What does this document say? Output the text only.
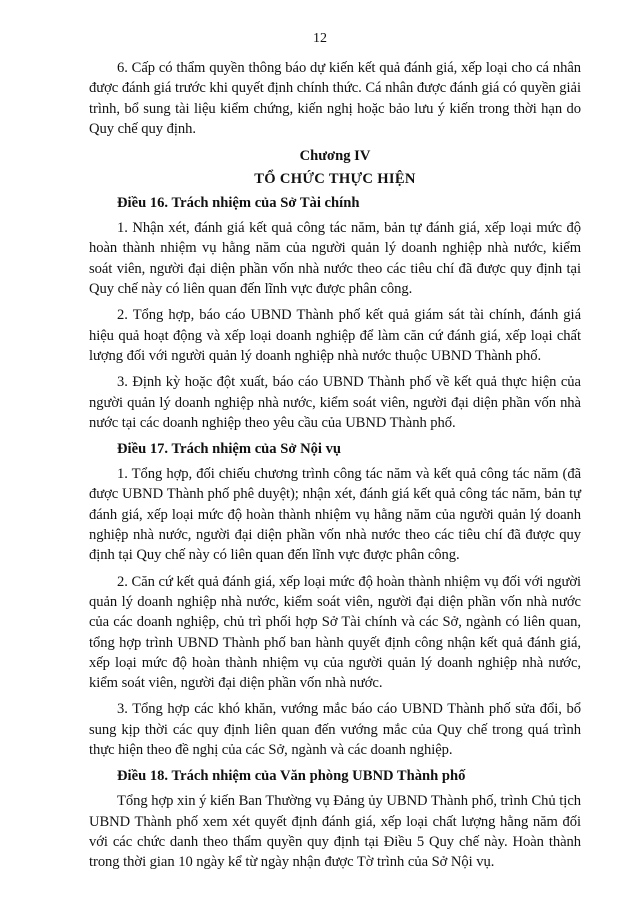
12

6. Cấp có thẩm quyền thông báo dự kiến kết quả đánh giá, xếp loại cho cá nhân được đánh giá trước khi quyết định chính thức. Cá nhân được đánh giá có quyền giải trình, bổ sung tài liệu kiểm chứng, kiến nghị hoặc bảo lưu ý kiến trong thời hạn do Quy chế quy định.

Chương IV
TỔ CHỨC THỰC HIỆN
Điều 16. Trách nhiệm của Sở Tài chính

1. Nhận xét, đánh giá kết quả công tác năm, bản tự đánh giá, xếp loại mức độ hoàn thành nhiệm vụ hằng năm của người quản lý doanh nghiệp nhà nước, kiểm soát viên, người đại diện phần vốn nhà nước theo các tiêu chí đã được quy định tại Quy chế này có liên quan đến lĩnh vực được phân công.

2. Tổng hợp, báo cáo UBND Thành phố kết quả giám sát tài chính, đánh giá hiệu quả hoạt động và xếp loại doanh nghiệp để làm căn cứ đánh giá, xếp loại chất lượng đối với người quản lý doanh nghiệp nhà nước thuộc UBND Thành phố.

3. Định kỳ hoặc đột xuất, báo cáo UBND Thành phố về kết quả thực hiện của người quản lý doanh nghiệp nhà nước, kiểm soát viên, người đại diện phần vốn nhà nước tại các doanh nghiệp theo yêu cầu của UBND Thành phố.

Điều 17. Trách nhiệm của Sở Nội vụ

1. Tổng hợp, đối chiếu chương trình công tác năm và kết quả công tác năm (đã được UBND Thành phố phê duyệt); nhận xét, đánh giá kết quả công tác năm, bản tự đánh giá, xếp loại mức độ hoàn thành nhiệm vụ hằng năm của người quản lý doanh nghiệp nhà nước, người đại diện phần vốn nhà nước theo các tiêu chí đã được quy định tại Quy chế này có liên quan đến lĩnh vực được phân công.

2. Căn cứ kết quả đánh giá, xếp loại mức độ hoàn thành nhiệm vụ đối với người quản lý doanh nghiệp nhà nước, kiểm soát viên, người đại diện phần vốn nhà nước của các doanh nghiệp, chủ trì phối hợp Sở Tài chính và các Sở, ngành có liên quan, tổng hợp trình UBND Thành phố ban hành quyết định công nhận kết quả đánh giá, xếp loại mức độ hoàn thành nhiệm vụ của người quản lý doanh nghiệp nhà nước, kiểm soát viên, người đại diện phần vốn nhà nước.

3. Tổng hợp các khó khăn, vướng mắc báo cáo UBND Thành phố sửa đổi, bổ sung kịp thời các quy định liên quan đến vướng mắc của Quy chế trong quá trình thực hiện theo đề nghị của các Sở, ngành và các doanh nghiệp.

Điều 18. Trách nhiệm của Văn phòng UBND Thành phố

Tổng hợp xin ý kiến Ban Thường vụ Đảng ủy UBND Thành phố, trình Chủ tịch UBND Thành phố xem xét quyết định đánh giá, xếp loại chất lượng hằng năm đối với các chức danh theo thẩm quyền quy định tại Điều 5 Quy chế này. Hoàn thành trong thời gian 10 ngày kể từ ngày nhận được Tờ trình của Sở Nội vụ.
